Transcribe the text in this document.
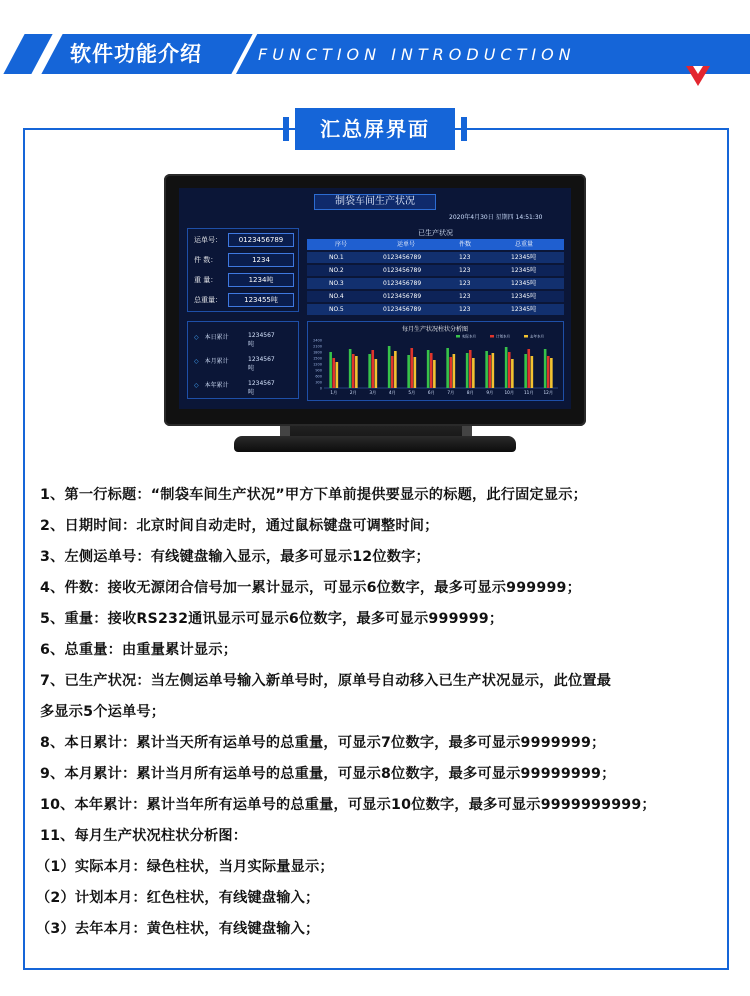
软件功能介绍	FUNCTION INTRODUCTION
汇总屏界面
制袋车间生产状况
2020年4月30日 星期四 14:51:30
运单号：	0123456789
件 数：	1234
重 量：	1234吨
总重量：	123455吨
◇ 本日累计	1234567吨
◇ 本月累计	1234567吨
◇ 本年累计	1234567吨
已生产状况
序号	运单号	件数	总重量
NO.1	0123456789	123	12345吨
NO.2	0123456789	123	12345吨
NO.3	0123456789	123	12345吨
NO.4	0123456789	123	12345吨
NO.5	0123456789	123	12345吨
每月生产状况柱状分析图
0
300
600
900
1200
1500
1800
2100
2400
实际本月	计划本月	去年本月
1月	2月	3月	4月	5月	6月	7月	8月	9月	10月 11月 12月
1、第一行标题：“制袋车间生产状况”甲方下单前提供要显示的标题，此行固定显示；
2、日期时间：北京时间自动走时，通过鼠标键盘可调整时间；
3、左侧运单号：有线键盘输入显示，最多可显示12位数字；
4、件数：接收无源闭合信号加一累计显示，可显示6位数字，最多可显示999999；
5、重量：接收RS232通讯显示可显示6位数字，最多可显示999999；
6、总重量：由重量累计显示；
7、已生产状况：当左侧运单号输入新单号时，原单号自动移入已生产状况显示，此位置最
多显示5个运单号；
8、本日累计：累计当天所有运单号的总重量，可显示7位数字，最多可显示9999999；
9、本月累计：累计当月所有运单号的总重量，可显示8位数字，最多可显示99999999；
10、本年累计：累计当年所有运单号的总重量，可显示10位数字，最多可显示9999999999；
11、每月生产状况柱状分析图：
（1）实际本月：绿色柱状，当月实际量显示；
（2）计划本月：红色柱状，有线键盘输入；
（3）去年本月：黄色柱状，有线键盘输入；
